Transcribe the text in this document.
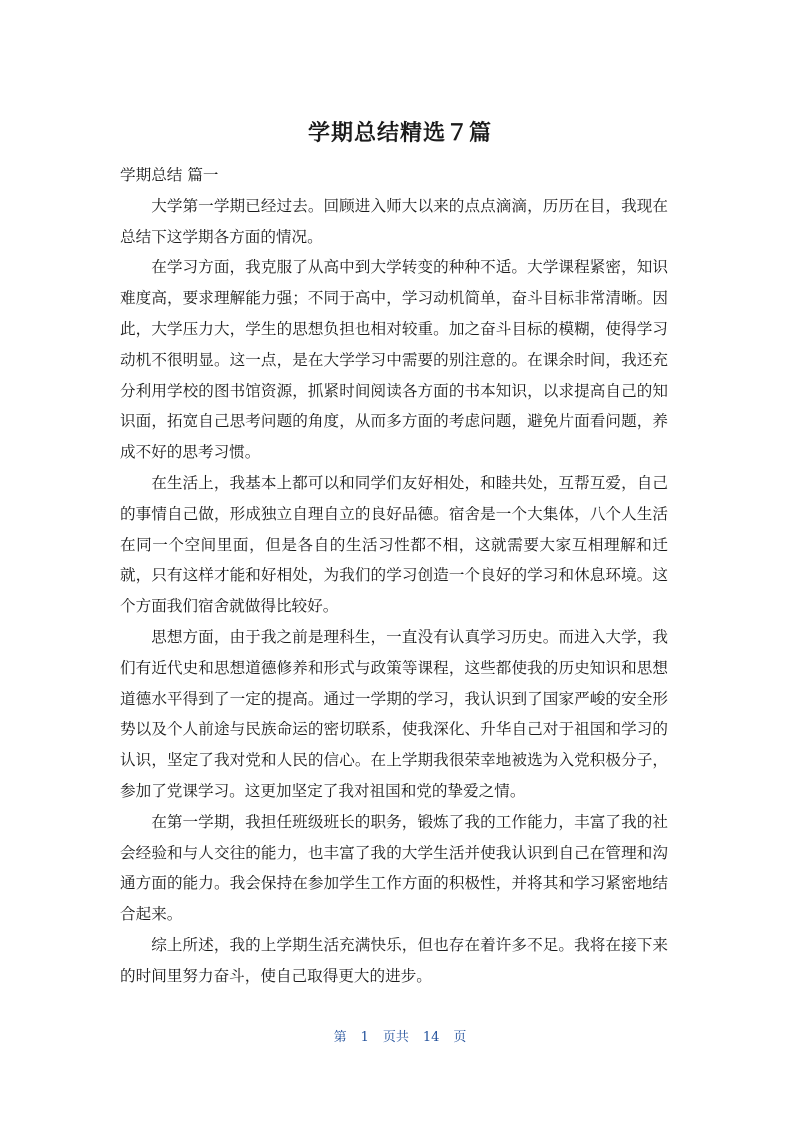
学期总结精选７篇

学期总结 篇一

大学第一学期已经过去。回顾进入师大以来的点点滴滴，历历在目，我现在总结下这学期各方面的情况。

在学习方面，我克服了从高中到大学转变的种种不适。大学课程紧密，知识难度高，要求理解能力强；不同于高中，学习动机简单，奋斗目标非常清晰。因此，大学压力大，学生的思想负担也相对较重。加之奋斗目标的模糊，使得学习动机不很明显。这一点，是在大学学习中需要的别注意的。在课余时间，我还充分利用学校的图书馆资源，抓紧时间阅读各方面的书本知识，以求提高自己的知识面，拓宽自己思考问题的角度，从而多方面的考虑问题，避免片面看问题，养成不好的思考习惯。

在生活上，我基本上都可以和同学们友好相处，和睦共处，互帮互爱，自己的事情自己做，形成独立自理自立的良好品德。宿舍是一个大集体，八个人生活在同一个空间里面，但是各自的生活习性都不相，这就需要大家互相理解和迁就，只有这样才能和好相处，为我们的学习创造一个良好的学习和休息环境。这个方面我们宿舍就做得比较好。

思想方面，由于我之前是理科生，一直没有认真学习历史。而进入大学，我们有近代史和思想道德修养和形式与政策等课程，这些都使我的历史知识和思想道德水平得到了一定的提高。通过一学期的学习，我认识到了国家严峻的安全形势以及个人前途与民族命运的密切联系，使我深化、升华自己对于祖国和学习的认识，坚定了我对党和人民的信心。在上学期我很荣幸地被选为入党积极分子，参加了党课学习。这更加坚定了我对祖国和党的挚爱之情。

在第一学期，我担任班级班长的职务，锻炼了我的工作能力，丰富了我的社会经验和与人交往的能力，也丰富了我的大学生活并使我认识到自己在管理和沟通方面的能力。我会保持在参加学生工作方面的积极性，并将其和学习紧密地结合起来。

综上所述，我的上学期生活充满快乐，但也存在着许多不足。我将在接下来的时间里努力奋斗，使自己取得更大的进步。

第 1 页共 14 页
